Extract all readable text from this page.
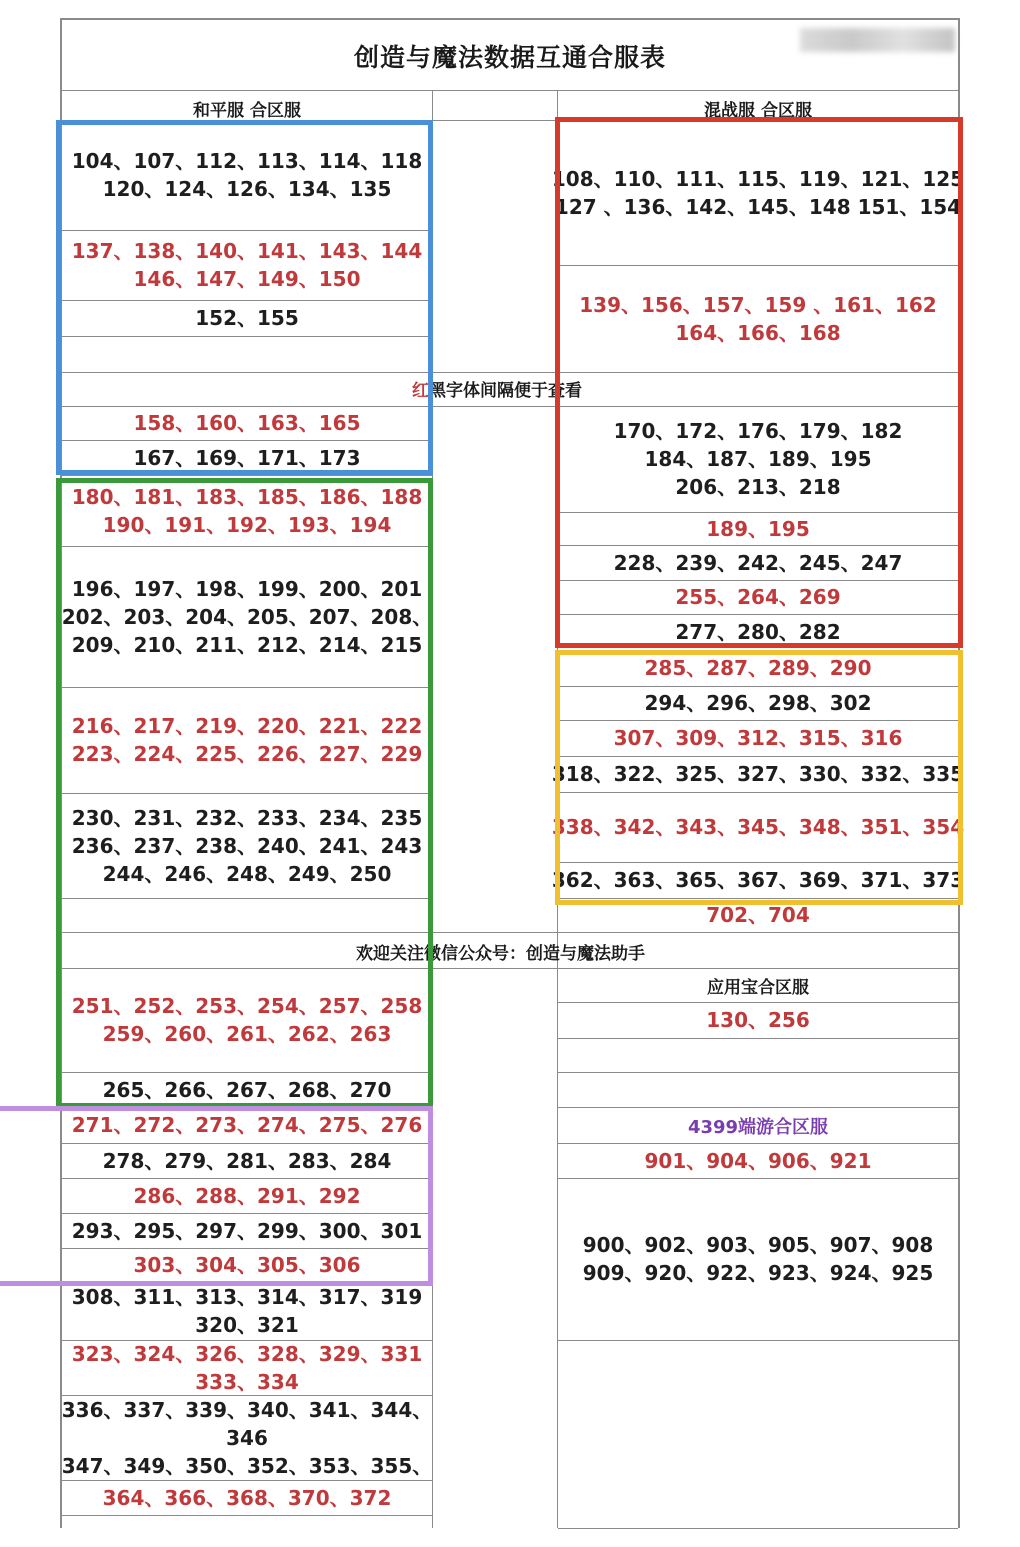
创造与魔法数据互通合服表
和平服 合区服	混战服 合区服
红黑字体间隔便于查看
欢迎关注微信公众号：创造与魔法助手
应用宝合区服
4399端游合区服
104、107、112、113、114、118
120、124、126、134、135
137、138、140、141、143、144
146、147、149、150
152、155
158、160、163、165
167、169、171、173
180、181、183、185、186、188
190、191、192、193、194
196、197、198、199、200、201
202、203、204、205、207、208、
209、210、211、212、214、215
216、217、219、220、221、222
223、224、225、226、227、229
230、231、232、233、234、235
236、237、238、240、241、243
244、246、248、249、250
251、252、253、254、257、258
259、260、261、262、263
265、266、267、268、270
271、272、273、274、275、276
278、279、281、283、284
286、288、291、292
293、295、297、299、300、301
303、304、305、306
308、311、313、314、317、319
320、321
323、324、326、328、329、331
333、334
336、337、339、340、341、344、
346
347、349、350、352、353、355、
364、366、368、370、372
108、110、111、115、119、121、125
127 、136、142、145、148 151、154
139、156、157、159 、161、162
164、166、168
170、172、176、179、182
184、187、189、195
206、213、218
189、195
228、239、242、245、247
255、264、269
277、280、282
285、287、289、290
294、296、298、302
307、309、312、315、316
318、322、325、327、330、332、335
338、342、343、345、348、351、354
362、363、365、367、369、371、373
702、704
130、256
901、904、906、921
900、902、903、905、907、908
909、920、922、923、924、925
